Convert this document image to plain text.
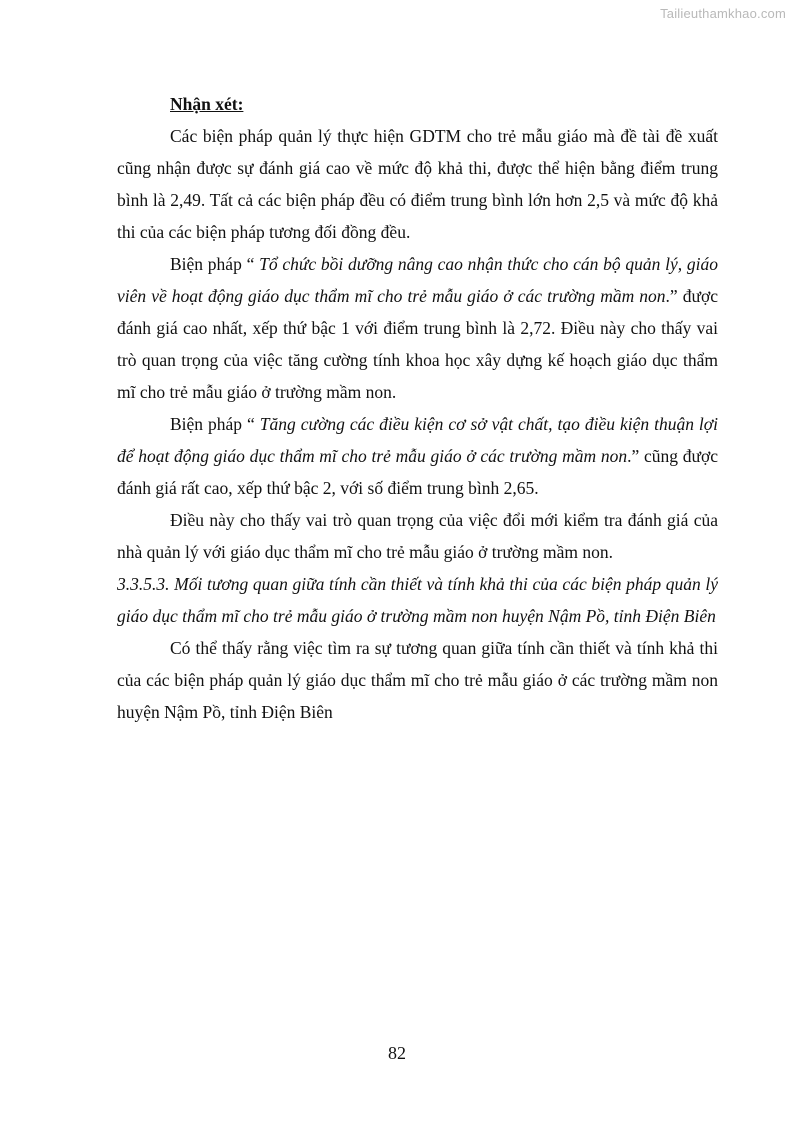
Tailieuthamkhao.com

Nhận xét:

Các biện pháp quản lý thực hiện GDTM cho trẻ mẫu giáo mà đề tài đề xuất cũng nhận được sự đánh giá cao về mức độ khả thi, được thể hiện bằng điểm trung bình là 2,49. Tất cả các biện pháp đều có điểm trung bình lớn hơn 2,5 và mức độ khả thi của các biện pháp tương đối đồng đều.

Biện pháp “ Tổ chức bồi dưỡng nâng cao nhận thức cho cán bộ quản lý, giáo viên về hoạt động giáo dục thẩm mĩ cho trẻ mẫu giáo ở các trường mầm non.” được đánh giá cao nhất, xếp thứ bậc 1 với điểm trung bình là 2,72. Điều này cho thấy vai trò quan trọng của việc tăng cường tính khoa học xây dựng kế hoạch giáo dục thẩm mĩ cho trẻ mẫu giáo ở trường mầm non.

Biện pháp “ Tăng cường các điều kiện cơ sở vật chất, tạo điều kiện thuận lợi để hoạt động giáo dục thẩm mĩ cho trẻ mẫu giáo ở các trường mầm non.” cũng được đánh giá rất cao, xếp thứ bậc 2, với số điểm trung bình 2,65.

Điều này cho thấy vai trò quan trọng của việc đổi mới kiểm tra đánh giá của nhà quản lý với giáo dục thẩm mĩ cho trẻ mẫu giáo ở trường mầm non.

3.3.5.3. Mối tương quan giữa tính cần thiết và tính khả thi của các biện pháp quản lý giáo dục thẩm mĩ cho trẻ mẫu giáo ở trường mầm non huyện Nậm Pồ, tỉnh Điện Biên

Có thể thấy rằng việc tìm ra sự tương quan giữa tính cần thiết và tính khả thi của các biện pháp quản lý giáo dục thẩm mĩ cho trẻ mẫu giáo ở các trường mầm non huyện Nậm Pồ, tỉnh Điện Biên

82
